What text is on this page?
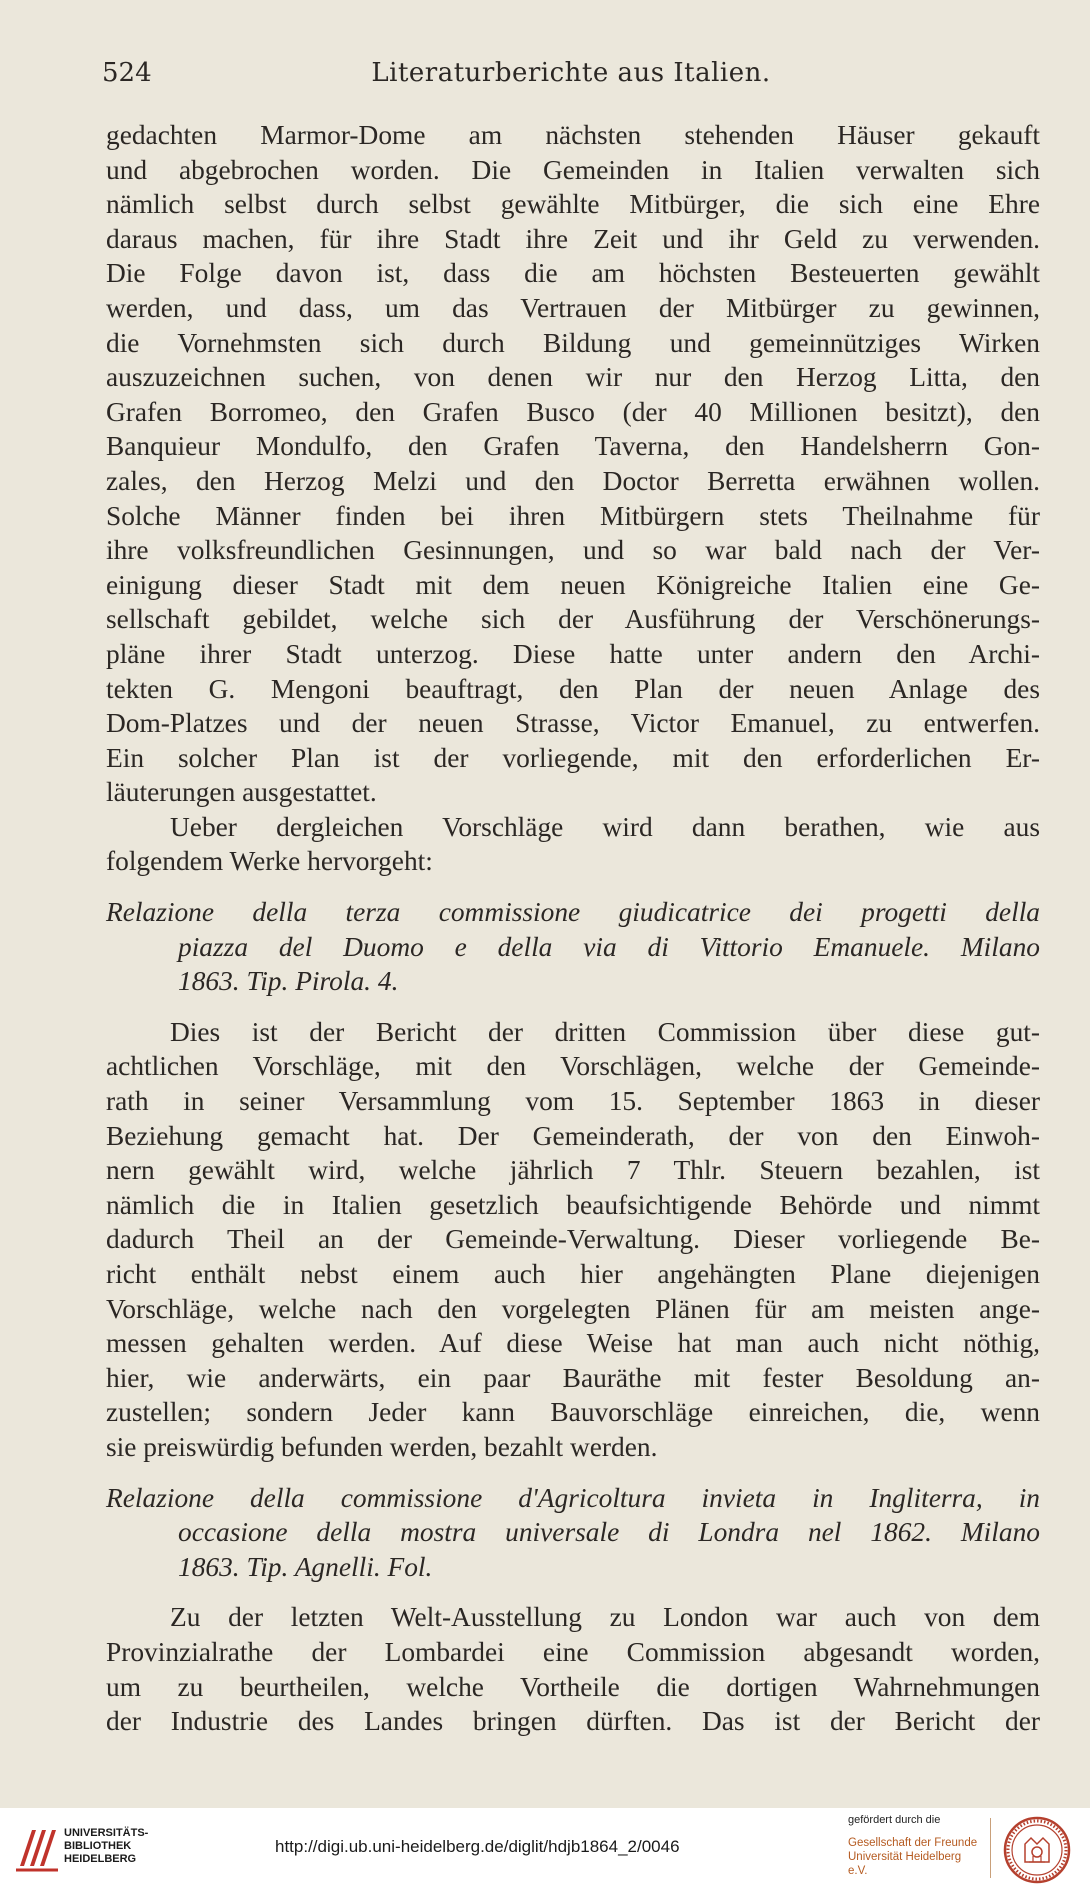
524	Literaturberichte aus Italien.
gedachten Marmor-Dome am nächsten stehenden Häuser gekauft
und abgebrochen worden. Die Gemeinden in Italien verwalten sich
nämlich selbst durch selbst gewählte Mitbürger, die sich eine Ehre
daraus machen, für ihre Stadt ihre Zeit und ihr Geld zu verwenden.
Die Folge davon ist, dass die am höchsten Besteuerten gewählt
werden, und dass, um das Vertrauen der Mitbürger zu gewinnen,
die Vornehmsten sich durch Bildung und gemeinnütziges Wirken
auszuzeichnen suchen, von denen wir nur den Herzog Litta, den
Grafen Borromeo, den Grafen Busco (der 40 Millionen besitzt), den
Banquieur Mondulfo, den Grafen Taverna, den Handelsherrn Gon-
zales, den Herzog Melzi und den Doctor Berretta erwähnen wollen.
Solche Männer finden bei ihren Mitbürgern stets Theilnahme für
ihre volksfreundlichen Gesinnungen, und so war bald nach der Ver-
einigung dieser Stadt mit dem neuen Königreiche Italien eine Ge-
sellschaft gebildet, welche sich der Ausführung der Verschönerungs-
pläne ihrer Stadt unterzog. Diese hatte unter andern den Archi-
tekten G. Mengoni beauftragt, den Plan der neuen Anlage des
Dom-Platzes und der neuen Strasse, Victor Emanuel, zu entwerfen.
Ein solcher Plan ist der vorliegende, mit den erforderlichen Er-
läuterungen ausgestattet.
Ueber dergleichen Vorschläge wird dann berathen, wie aus
folgendem Werke hervorgeht:
Relazione della terza commissione giudicatrice dei progetti della
piazza del Duomo e della via di Vittorio Emanuele. Milano
1863. Tip. Pirola. 4.
Dies ist der Bericht der dritten Commission über diese gut-
achtlichen Vorschläge, mit den Vorschlägen, welche der Gemeinde-
rath in seiner Versammlung vom 15. September 1863 in dieser
Beziehung gemacht hat. Der Gemeinderath, der von den Einwoh-
nern gewählt wird, welche jährlich 7 Thlr. Steuern bezahlen, ist
nämlich die in Italien gesetzlich beaufsichtigende Behörde und nimmt
dadurch Theil an der Gemeinde-Verwaltung. Dieser vorliegende Be-
richt enthält nebst einem auch hier angehängten Plane diejenigen
Vorschläge, welche nach den vorgelegten Plänen für am meisten ange-
messen gehalten werden. Auf diese Weise hat man auch nicht nöthig,
hier, wie anderwärts, ein paar Bauräthe mit fester Besoldung an-
zustellen; sondern Jeder kann Bauvorschläge einreichen, die, wenn
sie preiswürdig befunden werden, bezahlt werden.
Relazione della commissione d'Agricoltura invieta in Ingliterra, in
occasione della mostra universale di Londra nel 1862. Milano
1863. Tip. Agnelli. Fol.
Zu der letzten Welt-Ausstellung zu London war auch von dem
Provinzialrathe der Lombardei eine Commission abgesandt worden,
um zu beurtheilen, welche Vortheile die dortigen Wahrnehmungen
der Industrie des Landes bringen dürften. Das ist der Bericht der
UNIVERSITÄTS-
BIBLIOTHEK
HEIDELBERG
http://digi.ub.uni-heidelberg.de/diglit/hdjb1864_2/0046
gefördert durch die
Gesellschaft der Freunde
Universität Heidelberg e.V.
